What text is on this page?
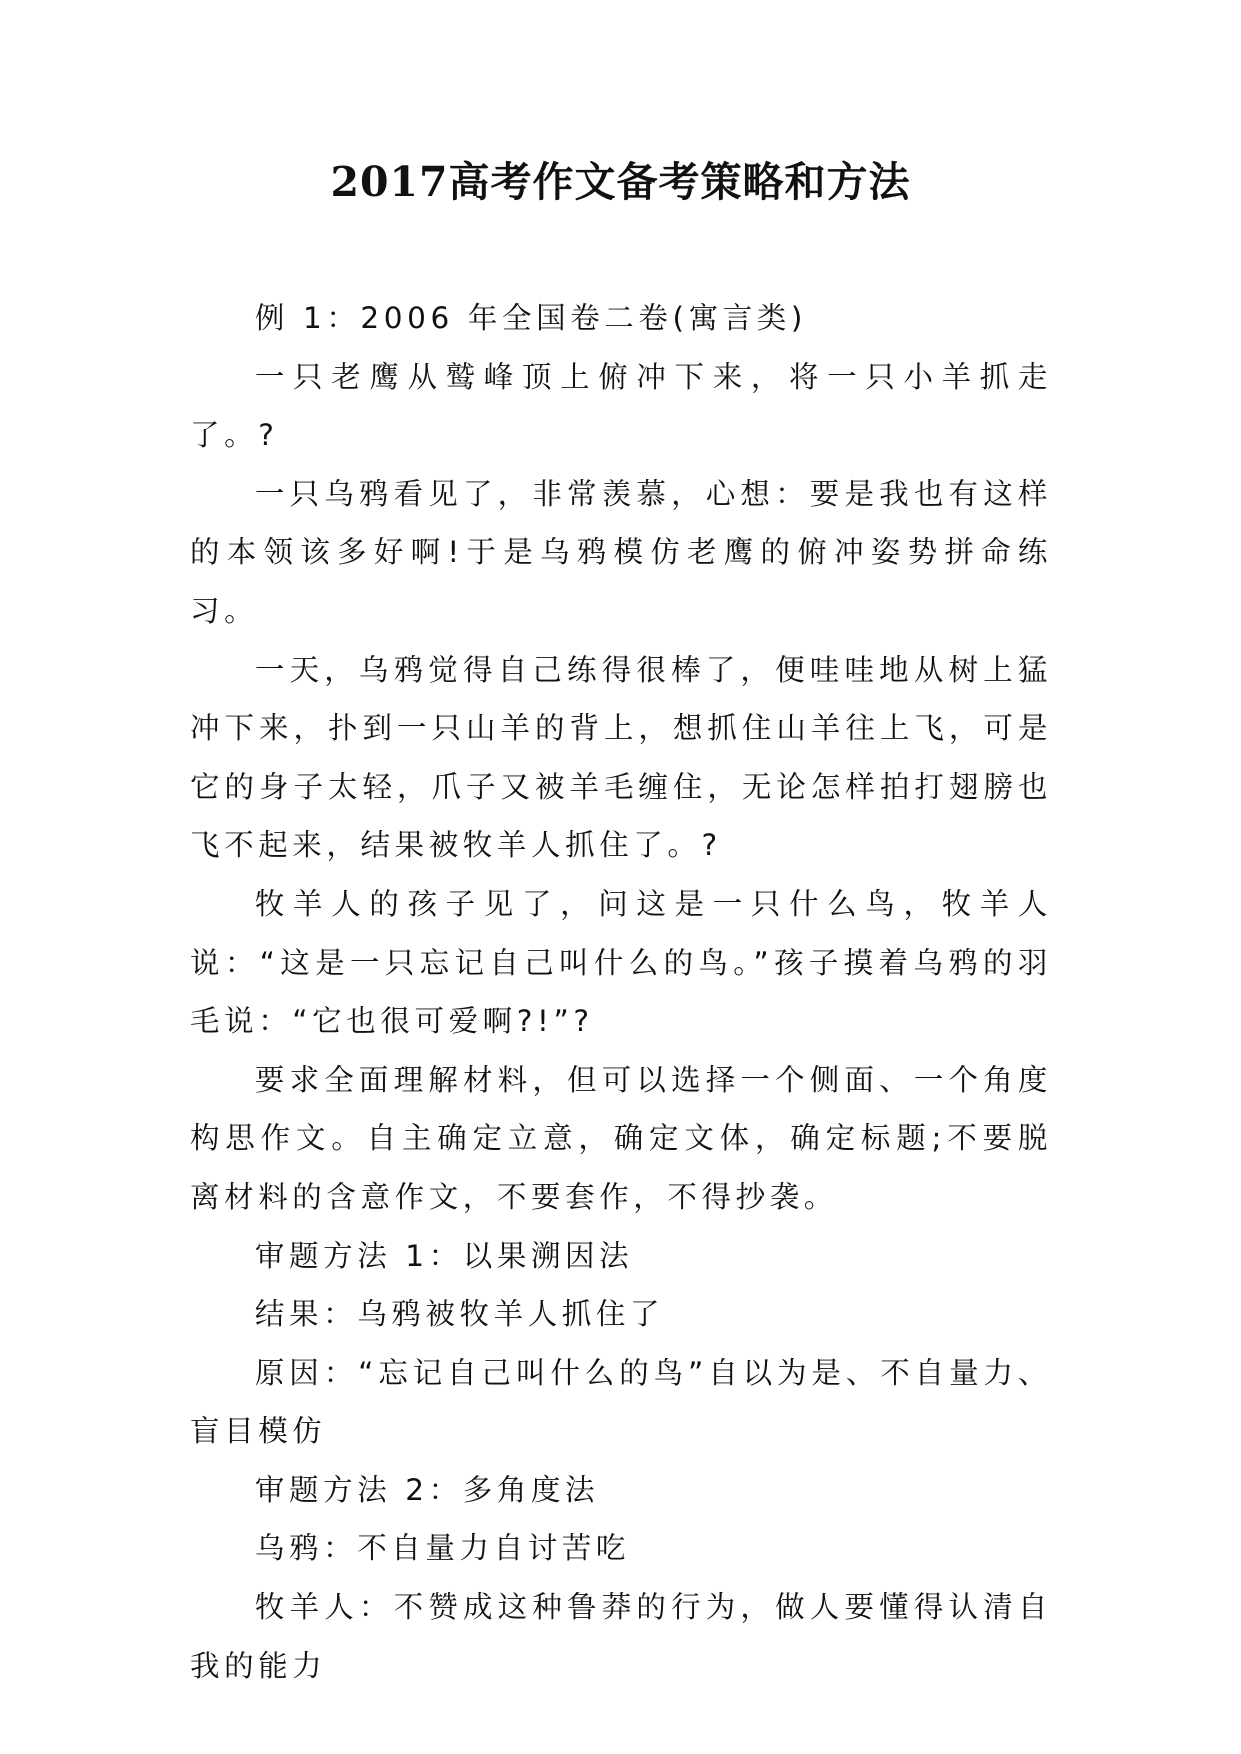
2017高考作文备考策略和方法

例 1：2006 年全国卷二卷(寓言类)

一只老鹰从鹫峰顶上俯冲下来，将一只小羊抓走了。?

一只乌鸦看见了，非常羡慕，心想：要是我也有这样的本领该多好啊!于是乌鸦模仿老鹰的俯冲姿势拼命练习。

一天，乌鸦觉得自己练得很棒了，便哇哇地从树上猛冲下来，扑到一只山羊的背上，想抓住山羊往上飞，可是它的身子太轻，爪子又被羊毛缠住，无论怎样拍打翅膀也飞不起来，结果被牧羊人抓住了。?

牧羊人的孩子见了，问这是一只什么鸟，牧羊人说：“这是一只忘记自己叫什么的鸟。”孩子摸着乌鸦的羽毛说：“它也很可爱啊?!”?

要求全面理解材料，但可以选择一个侧面、一个角度构思作文。自主确定立意，确定文体，确定标题;不要脱离材料的含意作文，不要套作，不得抄袭。

审题方法 1：以果溯因法

结果：乌鸦被牧羊人抓住了

原因：“忘记自己叫什么的鸟”自以为是、不自量力、盲目模仿

审题方法 2：多角度法

乌鸦：不自量力自讨苦吃

牧羊人：不赞成这种鲁莽的行为，做人要懂得认清自我的能力
